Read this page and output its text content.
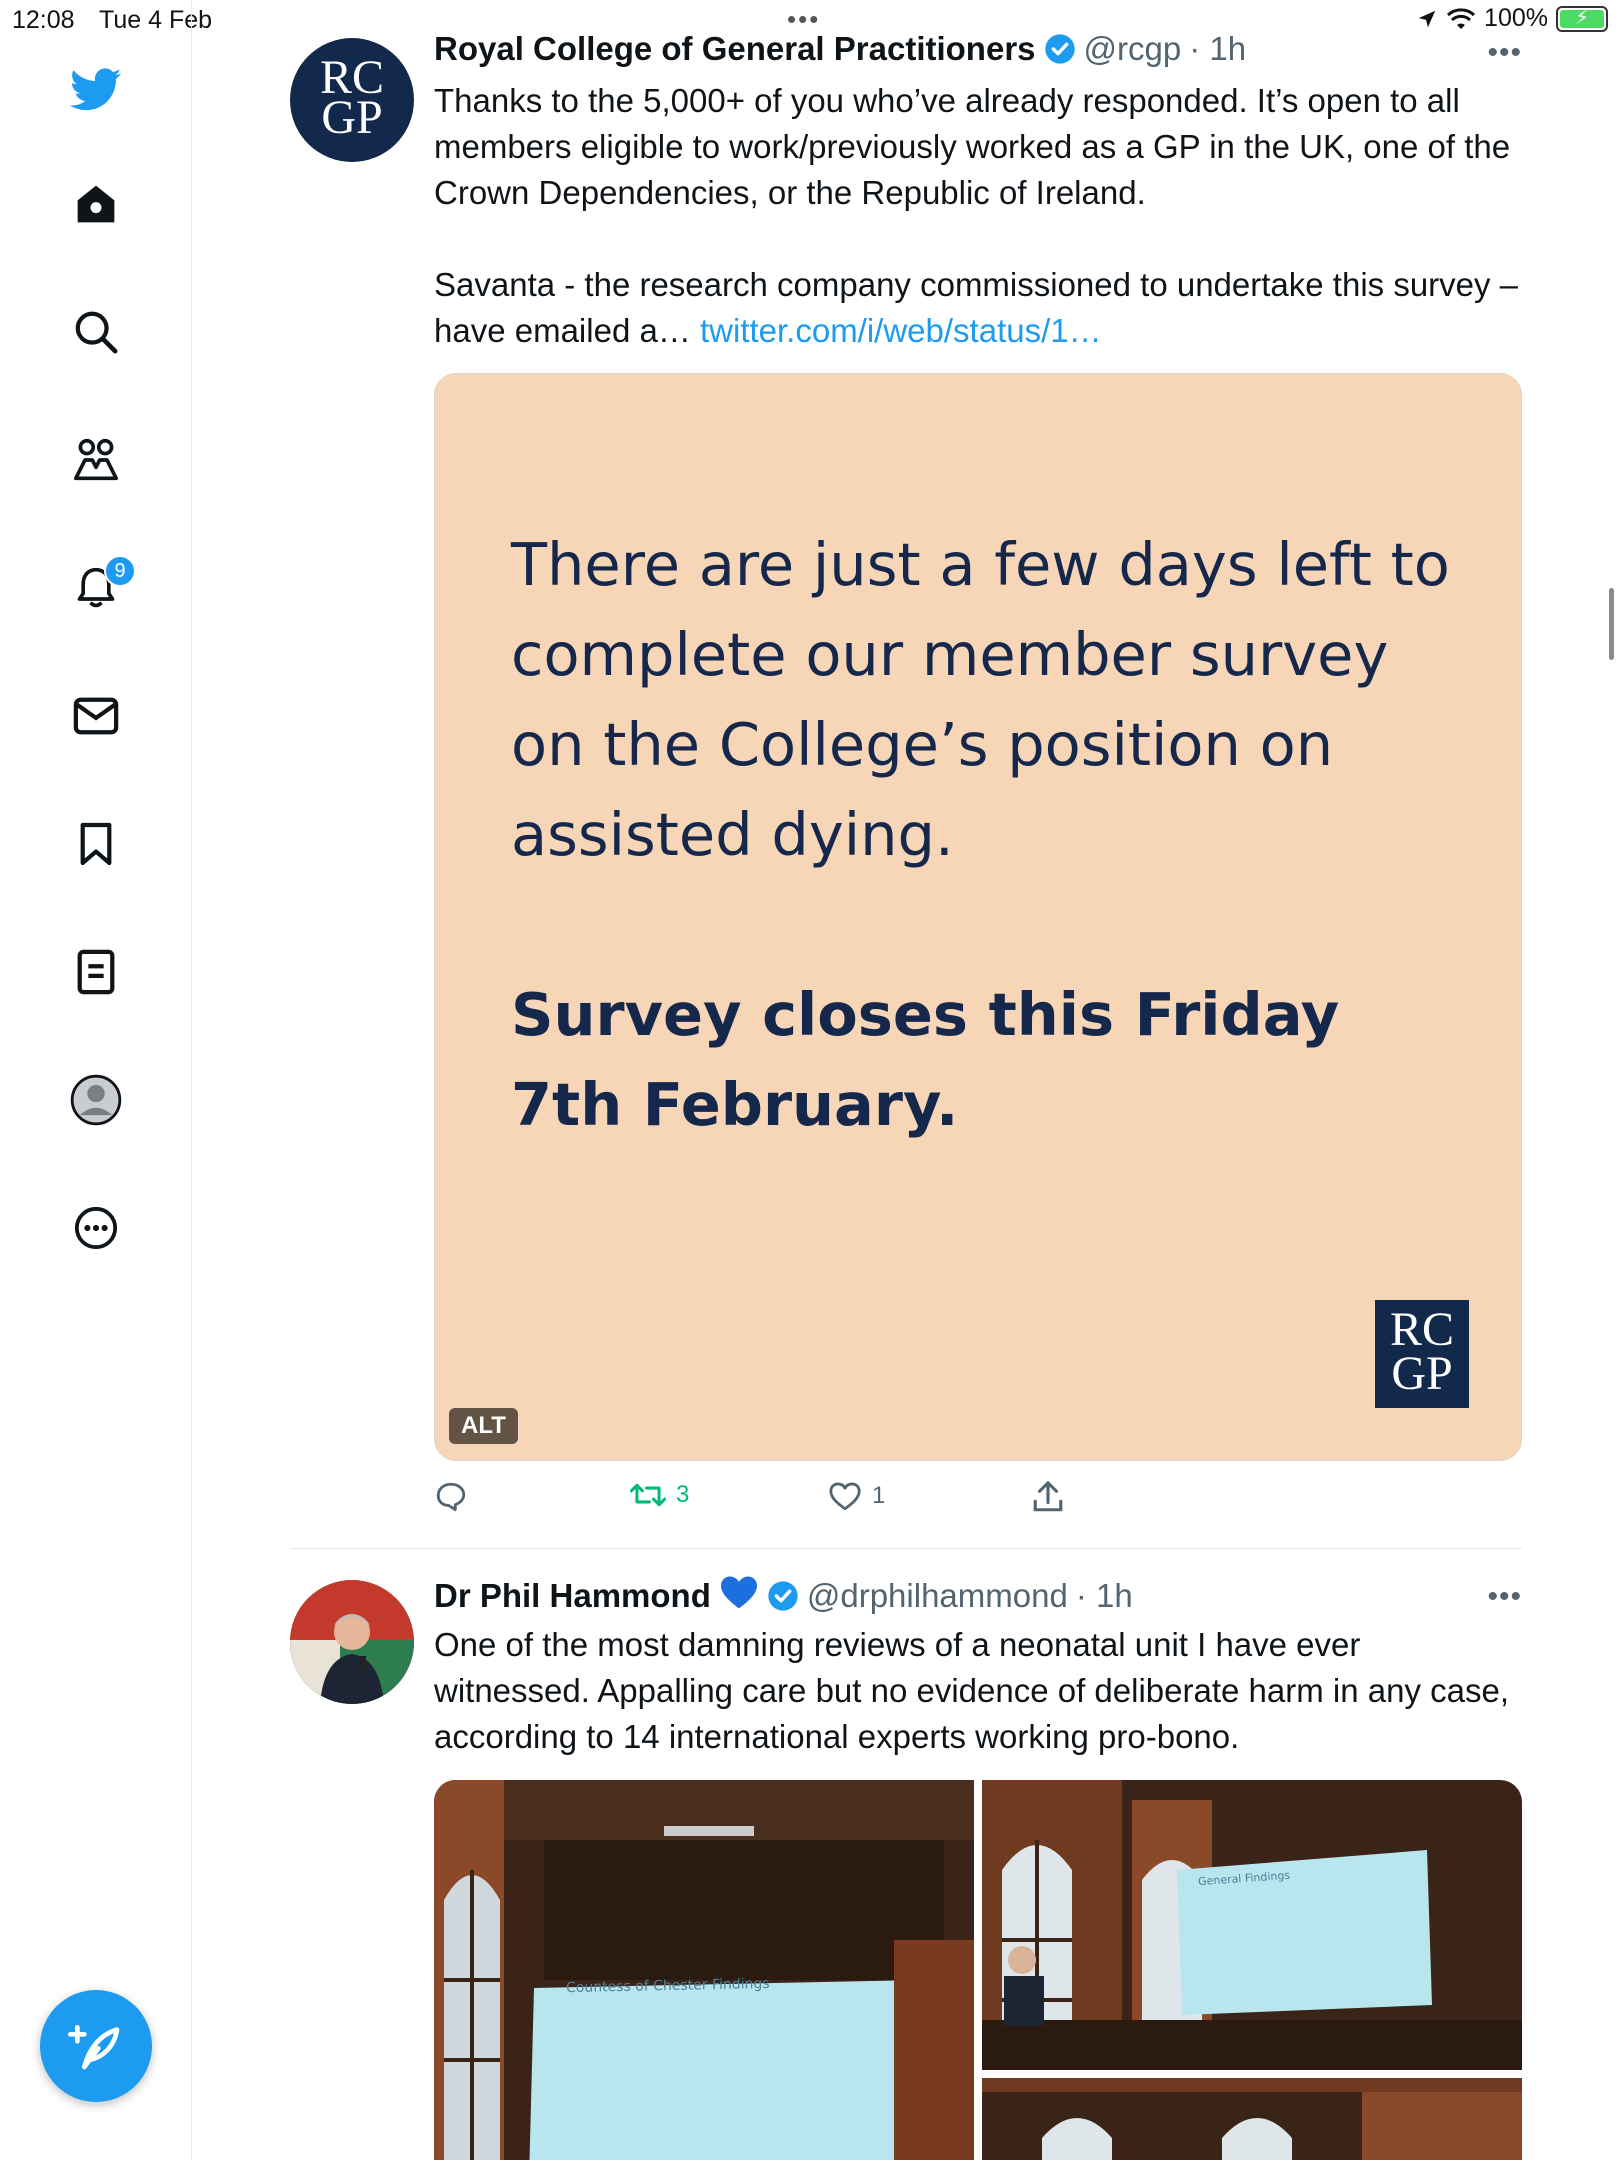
12:08 Tue 4 Feb	•••	100%	⚡
9
RC
GP
Royal College of General Practitioners @rcgp · 1h	•••

Thanks to the 5,000+ of you who’ve already responded. It’s open to all members eligible to work/previously worked as a GP in the UK, one of the Crown Dependencies, or the Republic of Ireland.

Savanta - the research company commissioned to undertake this survey – have emailed a… twitter.com/i/web/status/1…

There are just a few days left to complete our member survey on the College’s position on assisted dying.
Survey closes this Friday 7th February.
RC
GP
ALT
3	1
Dr Phil Hammond	@drphilhammond · 1h	•••
One of the most damning reviews of a neonatal unit I have ever witnessed. Appalling care but no evidence of deliberate harm in any case, according to 14 international experts working pro-bono.
Countess of Chester Findings
General Findings
